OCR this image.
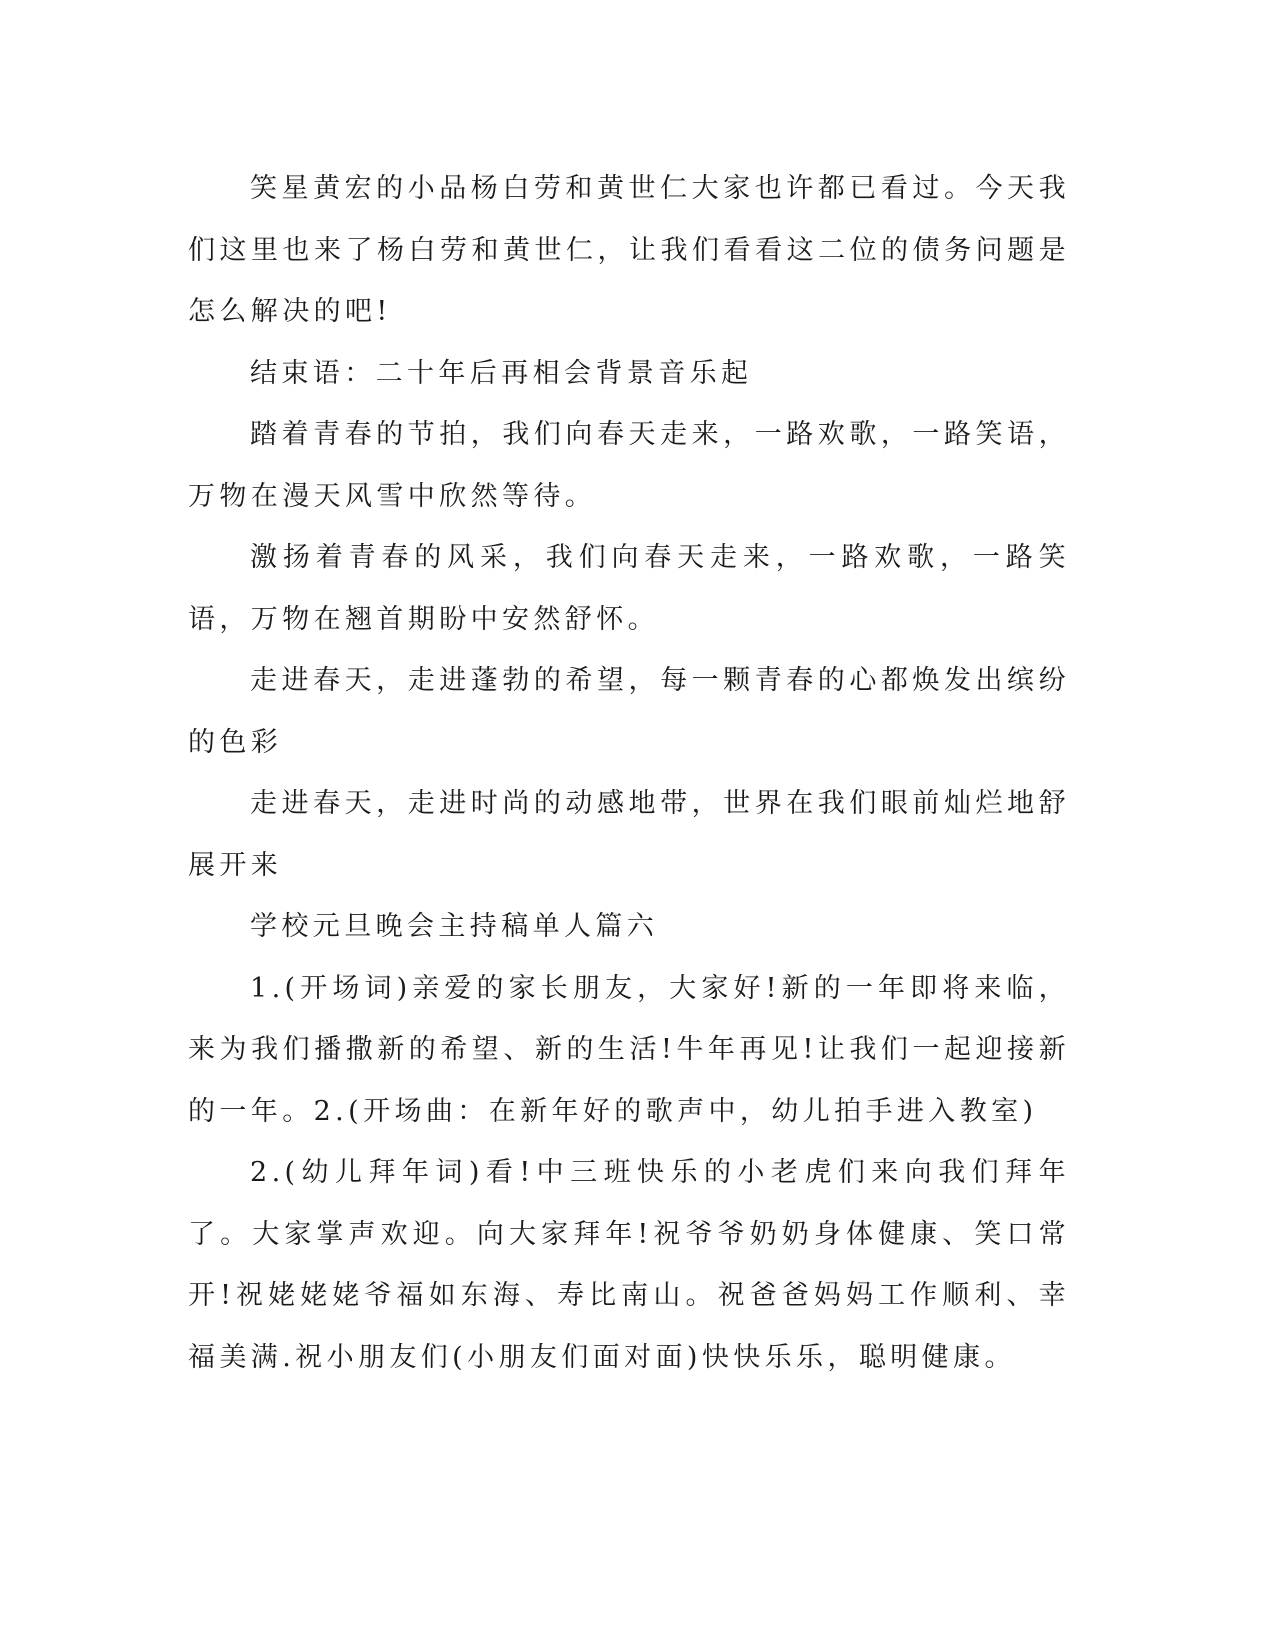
笑星黄宏的小品杨白劳和黄世仁大家也许都已看过。今天我们这里也来了杨白劳和黄世仁，让我们看看这二位的债务问题是怎么解决的吧!

结束语：二十年后再相会背景音乐起

踏着青春的节拍，我们向春天走来，一路欢歌，一路笑语，万物在漫天风雪中欣然等待。

激扬着青春的风采，我们向春天走来，一路欢歌，一路笑语，万物在翘首期盼中安然舒怀。

走进春天，走进蓬勃的希望，每一颗青春的心都焕发出缤纷的色彩

走进春天，走进时尚的动感地带，世界在我们眼前灿烂地舒展开来

学校元旦晚会主持稿单人篇六

1.(开场词)亲爱的家长朋友，大家好!新的一年即将来临，来为我们播撒新的希望、新的生活!牛年再见!让我们一起迎接新的一年。2.(开场曲：在新年好的歌声中，幼儿拍手进入教室)

2.(幼儿拜年词)看!中三班快乐的小老虎们来向我们拜年了。大家掌声欢迎。向大家拜年!祝爷爷奶奶身体健康、笑口常开!祝姥姥姥爷福如东海、寿比南山。祝爸爸妈妈工作顺利、幸福美满.祝小朋友们(小朋友们面对面)快快乐乐，聪明健康。
